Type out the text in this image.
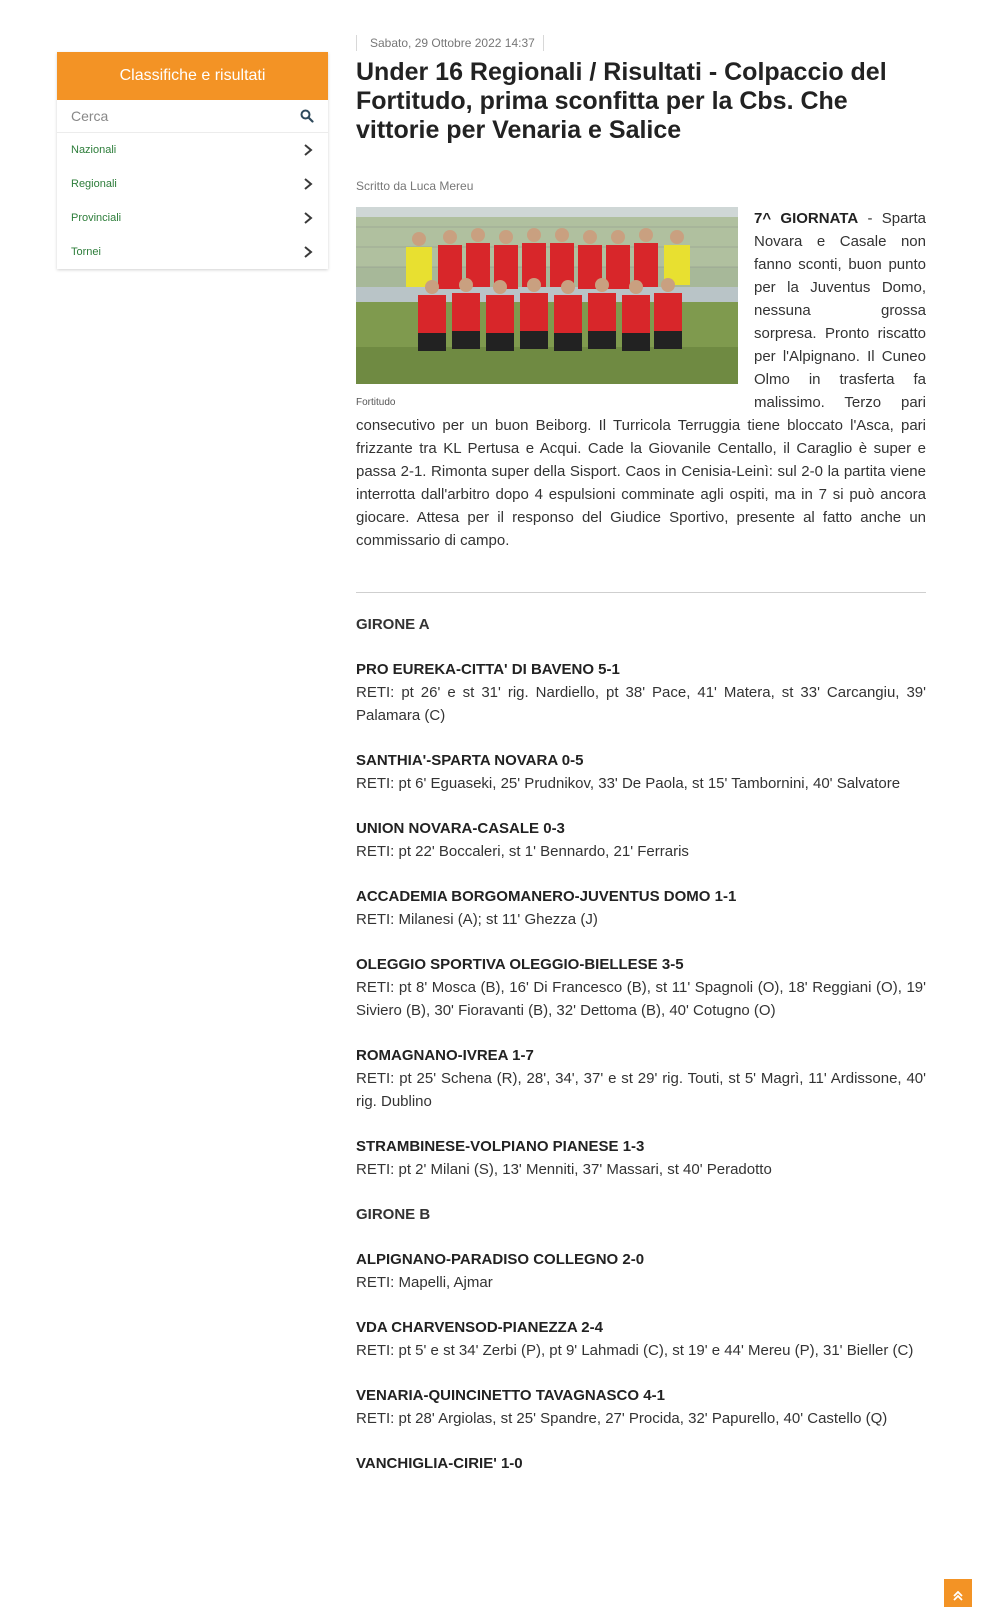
Classifiche e risultati
Cerca
Nazionali
Regionali
Provinciali
Tornei
Sabato, 29 Ottobre 2022 14:37
Under 16 Regionali / Risultati - Colpaccio del Fortitudo, prima sconfitta per la Cbs. Che vittorie per Venaria e Salice
Scritto da Luca Mereu
Fortitudo

7^ GIORNATA - Sparta Novara e Casale non fanno sconti, buon punto per la Juventus Domo, nessuna grossa sorpresa. Pronto riscatto per l'Alpignano. Il Cuneo Olmo in trasferta fa malissimo. Terzo pari consecutivo per un buon Beiborg. Il Turricola Terruggia tiene bloccato l'Asca, pari frizzante tra KL Pertusa e Acqui. Cade la Giovanile Centallo, il Caraglio è super e passa 2-1. Rimonta super della Sisport. Caos in Cenisia-Leinì: sul 2-0 la partita viene interrotta dall'arbitro dopo 4 espulsioni comminate agli ospiti, ma in 7 si può ancora giocare. Attesa per il responso del Giudice Sportivo, presente al fatto anche un commissario di campo.

GIRONE A
PRO EUREKA-CITTA' DI BAVENO 5-1
RETI: pt 26' e st 31' rig. Nardiello, pt 38' Pace, 41' Matera, st 33' Carcangiu, 39' Palamara (C)
SANTHIA'-SPARTA NOVARA 0-5
RETI: pt 6' Eguaseki, 25' Prudnikov, 33' De Paola, st 15' Tambornini, 40' Salvatore
UNION NOVARA-CASALE 0-3
RETI: pt 22' Boccaleri, st 1' Bennardo, 21' Ferraris
ACCADEMIA BORGOMANERO-JUVENTUS DOMO 1-1
RETI: Milanesi (A); st 11' Ghezza (J)
OLEGGIO SPORTIVA OLEGGIO-BIELLESE 3-5
RETI: pt 8' Mosca (B), 16' Di Francesco (B), st 11' Spagnoli (O), 18' Reggiani (O), 19' Siviero (B), 30' Fioravanti (B), 32' Dettoma (B), 40' Cotugno (O)
ROMAGNANO-IVREA 1-7
RETI: pt 25' Schena (R), 28', 34', 37' e st 29' rig. Touti, st 5' Magrì, 11' Ardissone, 40' rig. Dublino
STRAMBINESE-VOLPIANO PIANESE 1-3
RETI: pt 2' Milani (S), 13' Menniti, 37' Massari, st 40' Peradotto
GIRONE B
ALPIGNANO-PARADISO COLLEGNO 2-0
RETI: Mapelli, Ajmar
VDA CHARVENSOD-PIANEZZA 2-4
RETI: pt 5' e st 34' Zerbi (P), pt 9' Lahmadi (C), st 19' e 44' Mereu (P), 31' Bieller (C)
VENARIA-QUINCINETTO TAVAGNASCO 4-1
RETI: pt 28' Argiolas, st 25' Spandre, 27' Procida, 32' Papurello, 40' Castello (Q)
VANCHIGLIA-CIRIE' 1-0
